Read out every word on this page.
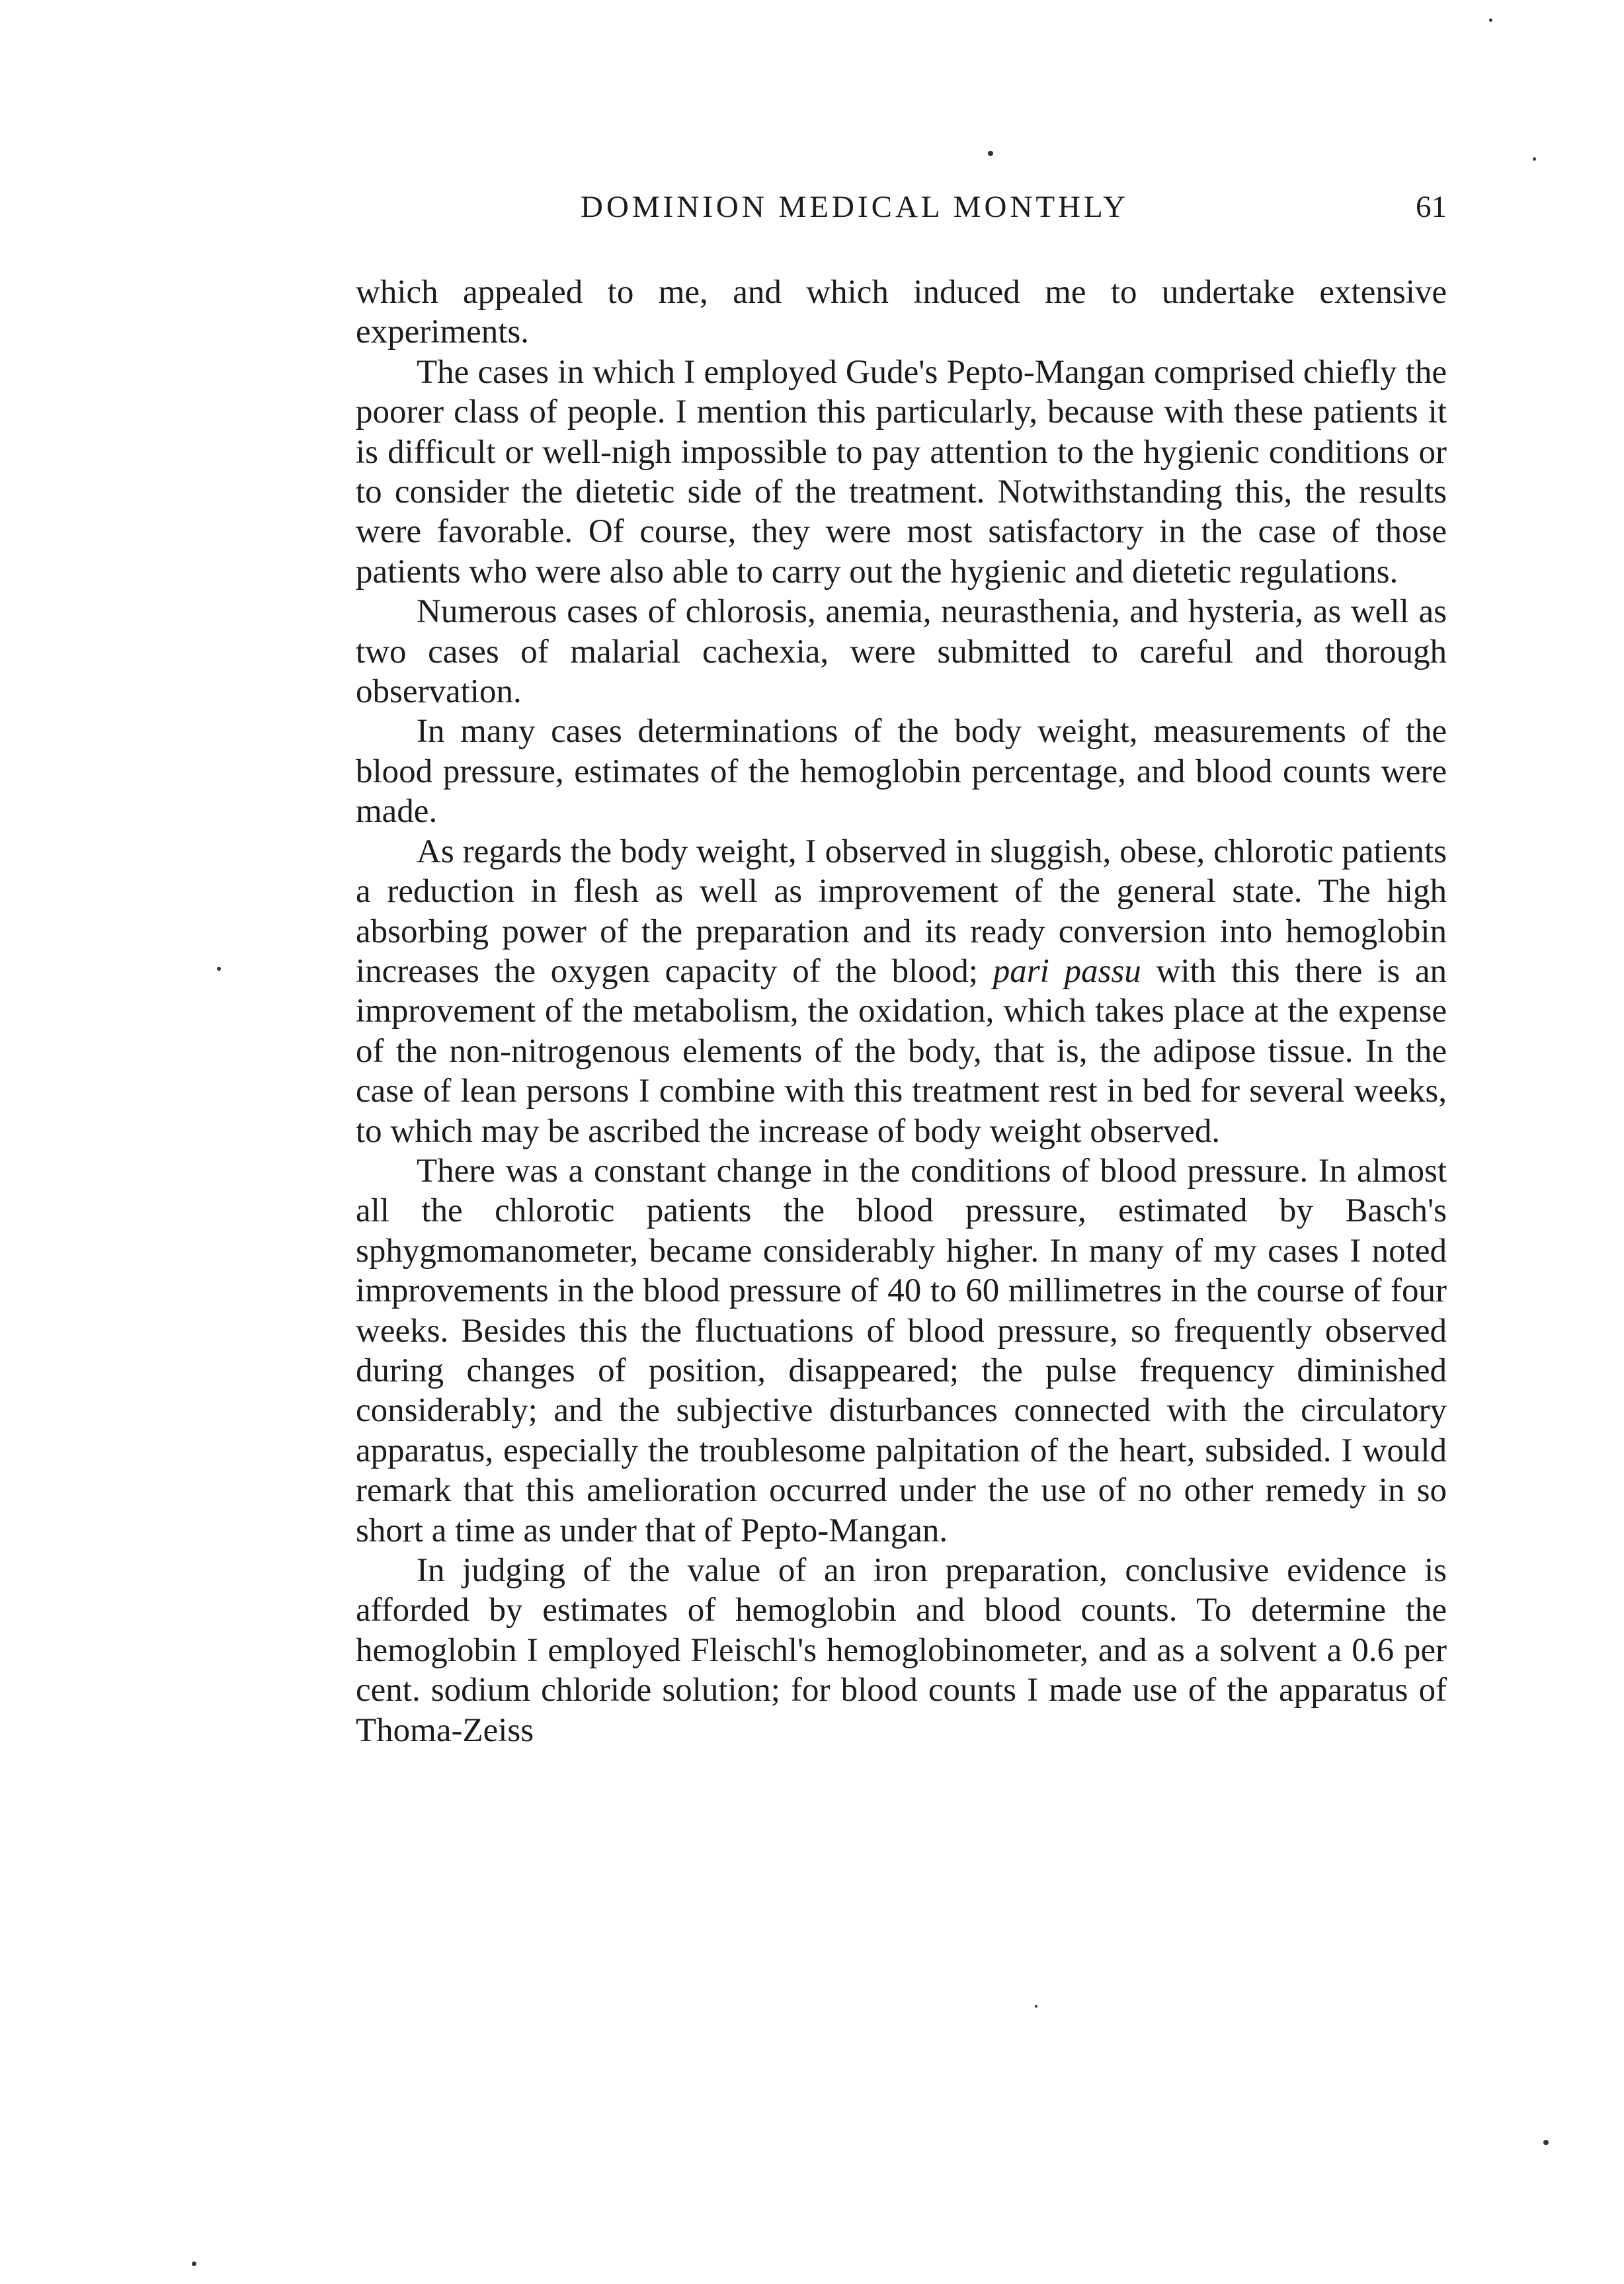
DOMINION MEDICAL MONTHLY	61

which appealed to me, and which induced me to undertake extensive experiments.

The cases in which I employed Gude's Pepto-Mangan comprised chiefly the poorer class of people. I mention this particularly, because with these patients it is difficult or well-nigh impossible to pay attention to the hygienic conditions or to consider the dietetic side of the treatment. Notwithstanding this, the results were favorable. Of course, they were most satisfactory in the case of those patients who were also able to carry out the hygienic and dietetic regulations.

Numerous cases of chlorosis, anemia, neurasthenia, and hysteria, as well as two cases of malarial cachexia, were submitted to careful and thorough observation.

In many cases determinations of the body weight, measurements of the blood pressure, estimates of the hemoglobin percentage, and blood counts were made.

As regards the body weight, I observed in sluggish, obese, chlorotic patients a reduction in flesh as well as improvement of the general state. The high absorbing power of the preparation and its ready conversion into hemoglobin increases the oxygen capacity of the blood; pari passu with this there is an improvement of the metabolism, the oxidation, which takes place at the expense of the non-nitrogenous elements of the body, that is, the adipose tissue. In the case of lean persons I combine with this treatment rest in bed for several weeks, to which may be ascribed the increase of body weight observed.

There was a constant change in the conditions of blood pressure. In almost all the chlorotic patients the blood pressure, estimated by Basch's sphygmomanometer, became considerably higher. In many of my cases I noted improvements in the blood pressure of 40 to 60 millimetres in the course of four weeks. Besides this the fluctuations of blood pressure, so frequently observed during changes of position, disappeared; the pulse frequency diminished considerably; and the subjective disturbances connected with the circulatory apparatus, especially the troublesome palpitation of the heart, subsided. I would remark that this amelioration occurred under the use of no other remedy in so short a time as under that of Pepto-Mangan.

In judging of the value of an iron preparation, conclusive evidence is afforded by estimates of hemoglobin and blood counts. To determine the hemoglobin I employed Fleischl's hemoglobinometer, and as a solvent a 0.6 per cent. sodium chloride solution; for blood counts I made use of the apparatus of Thoma-Zeiss
